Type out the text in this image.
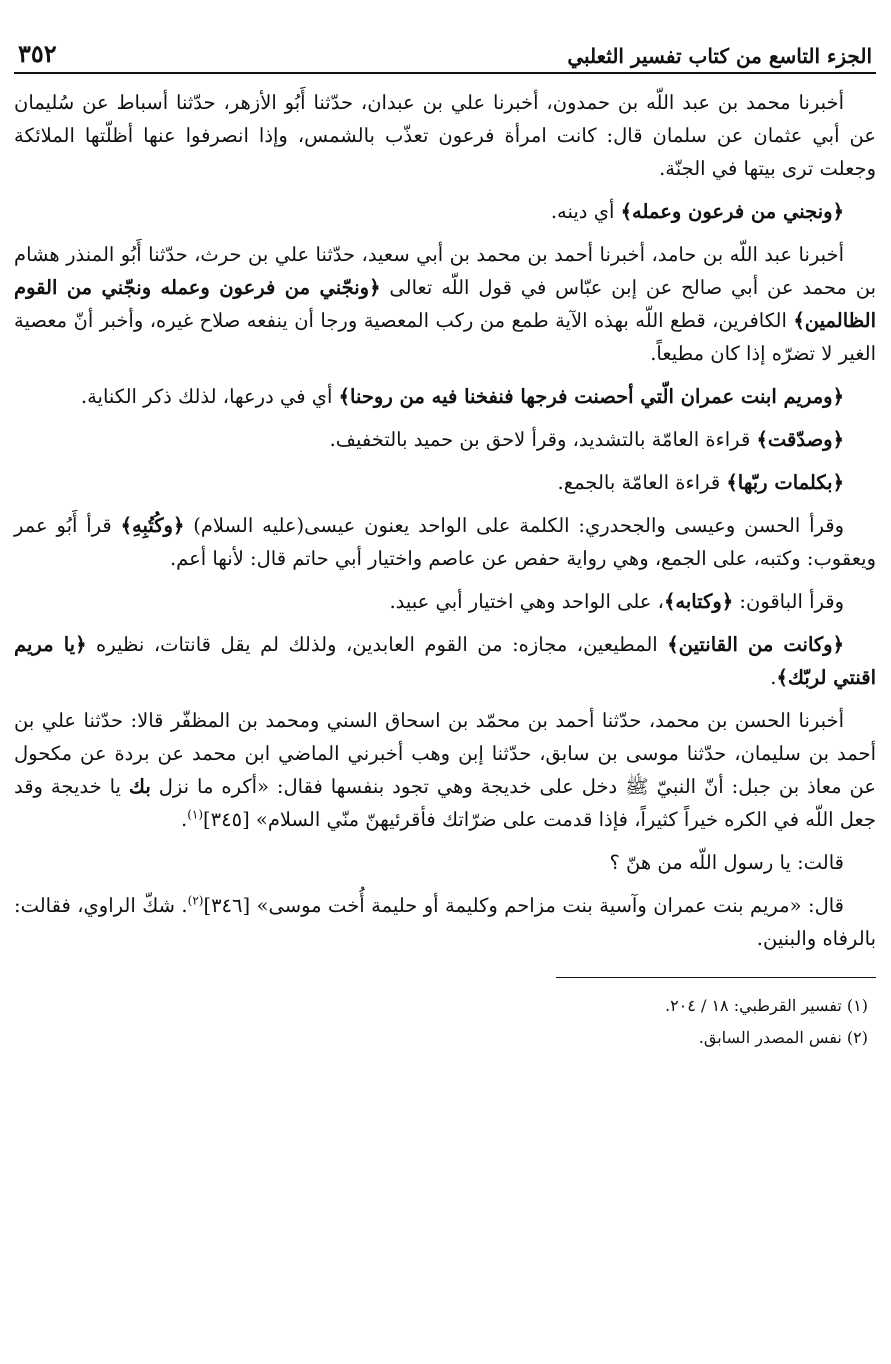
الجزء التاسع من كتاب تفسير الثعلبي
٣٥٢

أخبرنا محمد بن عبد اللّه بن حمدون، أخبرنا علي بن عبدان، حدّثنا أَبُو الأزهر، حدّثنا أسباط عن سُليمان عن أبي عثمان عن سلمان قال: كانت امرأة فرعون تعذّب بالشمس، وإذا انصرفوا عنها أظلّتها الملائكة وجعلت ترى بيتها في الجنّة.

﴿ونجني من فرعون وعمله﴾ أي دينه.

أخبرنا عبد اللّه بن حامد، أخبرنا أحمد بن محمد بن أبي سعيد، حدّثنا علي بن حرث، حدّثنا أَبُو المنذر هشام بن محمد عن أبي صالح عن إبن عبّاس في قول اللّه تعالى ﴿ونجّني من فرعون وعمله ونجّني من القوم الظالمين﴾ الكافرين، قطع اللّه بهذه الآية طمع من ركب المعصية ورجا أن ينفعه صلاح غيره، وأخبر أنّ معصية الغير لا تضرّه إذا كان مطيعاً.

﴿ومريم ابنت عمران الّتي أحصنت فرجها فنفخنا فيه من روحنا﴾ أي في درعها، لذلك ذكر الكناية.

﴿وصدّقت﴾ قراءة العامّة بالتشديد، وقرأ لاحق بن حميد بالتخفيف.

﴿بكلمات ربّها﴾ قراءة العامّة بالجمع.

وقرأ الحسن وعيسى والجحدري: الكلمة على الواحد يعنون عيسى(عليه السلام) ﴿وكُتُبِهِ﴾ قرأ أَبُو عمر ويعقوب: وكتبه، على الجمع، وهي رواية حفص عن عاصم واختيار أبي حاتم قال: لأنها أعم.

وقرأ الباقون: ﴿وكتابه﴾، على الواحد وهي اختيار أبي عبيد.

﴿وكانت من القانتين﴾ المطيعين، مجازه: من القوم العابدين، ولذلك لم يقل قانتات، نظيره ﴿يا مريم اقنتي لربّك﴾.

أخبرنا الحسن بن محمد، حدّثنا أحمد بن محمّد بن اسحاق السني ومحمد بن المظفّر قالا: حدّثنا علي بن أحمد بن سليمان، حدّثنا موسى بن سابق، حدّثنا إبن وهب أخبرني الماضي ابن محمد عن بردة عن مكحول عن معاذ بن جبل: أنّ النبيّ ﷺ دخل على خديجة وهي تجود بنفسها فقال: «أكره ما نزل بك يا خديجة وقد جعل اللّه في الكره خيراً كثيراً، فإذا قدمت على ضرّاتك فأقرئيهنّ منّي السلام» [٣٤٥]$^{(١)}$.

قالت: يا رسول اللّه من هنّ ؟

قال: «مريم بنت عمران وآسية بنت مزاحم وكليمة أو حليمة أُخت موسى» [٣٤٦]$^{(٢)}$. شكّ الراوي، فقالت: بالرفاه والبنين.

(١) تفسير القرطبي: ١٨ / ٢٠٤.

(٢) نفس المصدر السابق.
